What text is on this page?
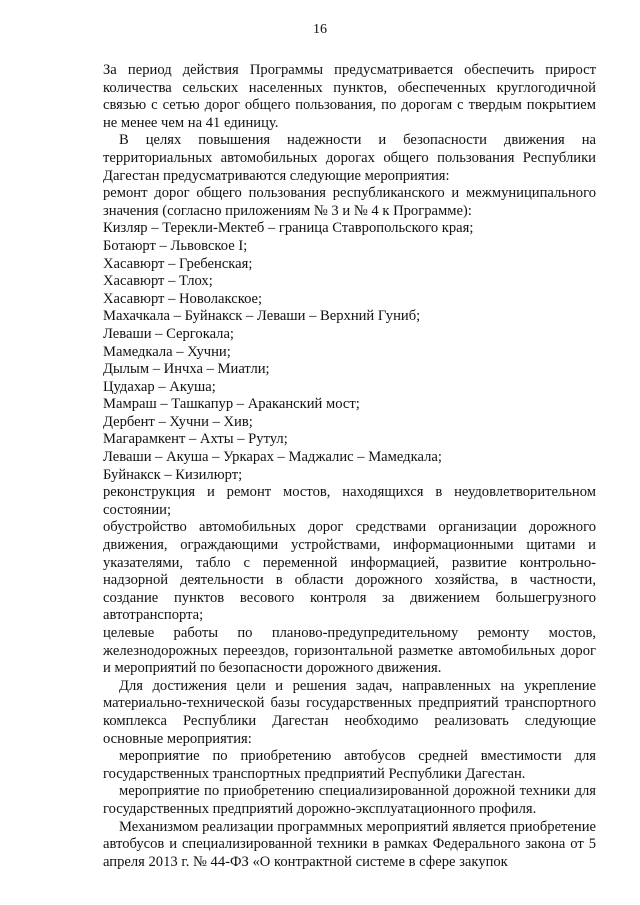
16

За период действия Программы предусматривается обеспечить прирост количества сельских населенных пунктов, обеспеченных круглогодичной связью с сетью дорог общего пользования, по дорогам с твердым покрытием не менее чем на 41 единицу.

В целях повышения надежности и безопасности движения на территориальных автомобильных дорогах общего пользования Республики Дагестан предусматриваются следующие мероприятия:

ремонт дорог общего пользования республиканского и межмуниципального значения (согласно приложениям № 3 и № 4 к Программе):

Кизляр – Терекли-Мектеб – граница Ставропольского края;

Ботаюрт – Львовское I;

Хасавюрт – Гребенская;

Хасавюрт – Тлох;

Хасавюрт – Новолакское;

Махачкала – Буйнакск – Леваши – Верхний Гуниб;

Леваши – Сергокала;

Мамедкала – Хучни;

Дылым – Инчха – Миатли;

Цудахар – Акуша;

Мамраш – Ташкапур – Араканский мост;

Дербент – Хучни – Хив;

Магарамкент – Ахты – Рутул;

Леваши – Акуша – Уркарах – Маджалис – Мамедкала;

Буйнакск – Кизилюрт;

реконструкция и ремонт мостов, находящихся в неудовлетворительном состоянии;

обустройство автомобильных дорог средствами организации дорожного движения, ограждающими устройствами, информационными щитами и указателями, табло с переменной информацией, развитие контрольно-надзорной деятельности в области дорожного хозяйства, в частности, создание пунктов весового контроля за движением большегрузного автотранспорта;

целевые работы по планово-предупредительному ремонту мостов, железнодорожных переездов, горизонтальной разметке автомобильных дорог и мероприятий по безопасности дорожного движения.

Для достижения цели и решения задач, направленных на укрепление материально-технической базы государственных предприятий транспортного комплекса Республики Дагестан необходимо реализовать следующие основные мероприятия:

мероприятие по приобретению автобусов средней вместимости для государственных транспортных предприятий Республики Дагестан.

мероприятие по приобретению специализированной дорожной техники для государственных предприятий дорожно-эксплуатационного профиля.

Механизмом реализации программных мероприятий является приобретение автобусов и специализированной техники в рамках Федерального закона от 5 апреля 2013 г. № 44-ФЗ «О контрактной системе в сфере закупок
